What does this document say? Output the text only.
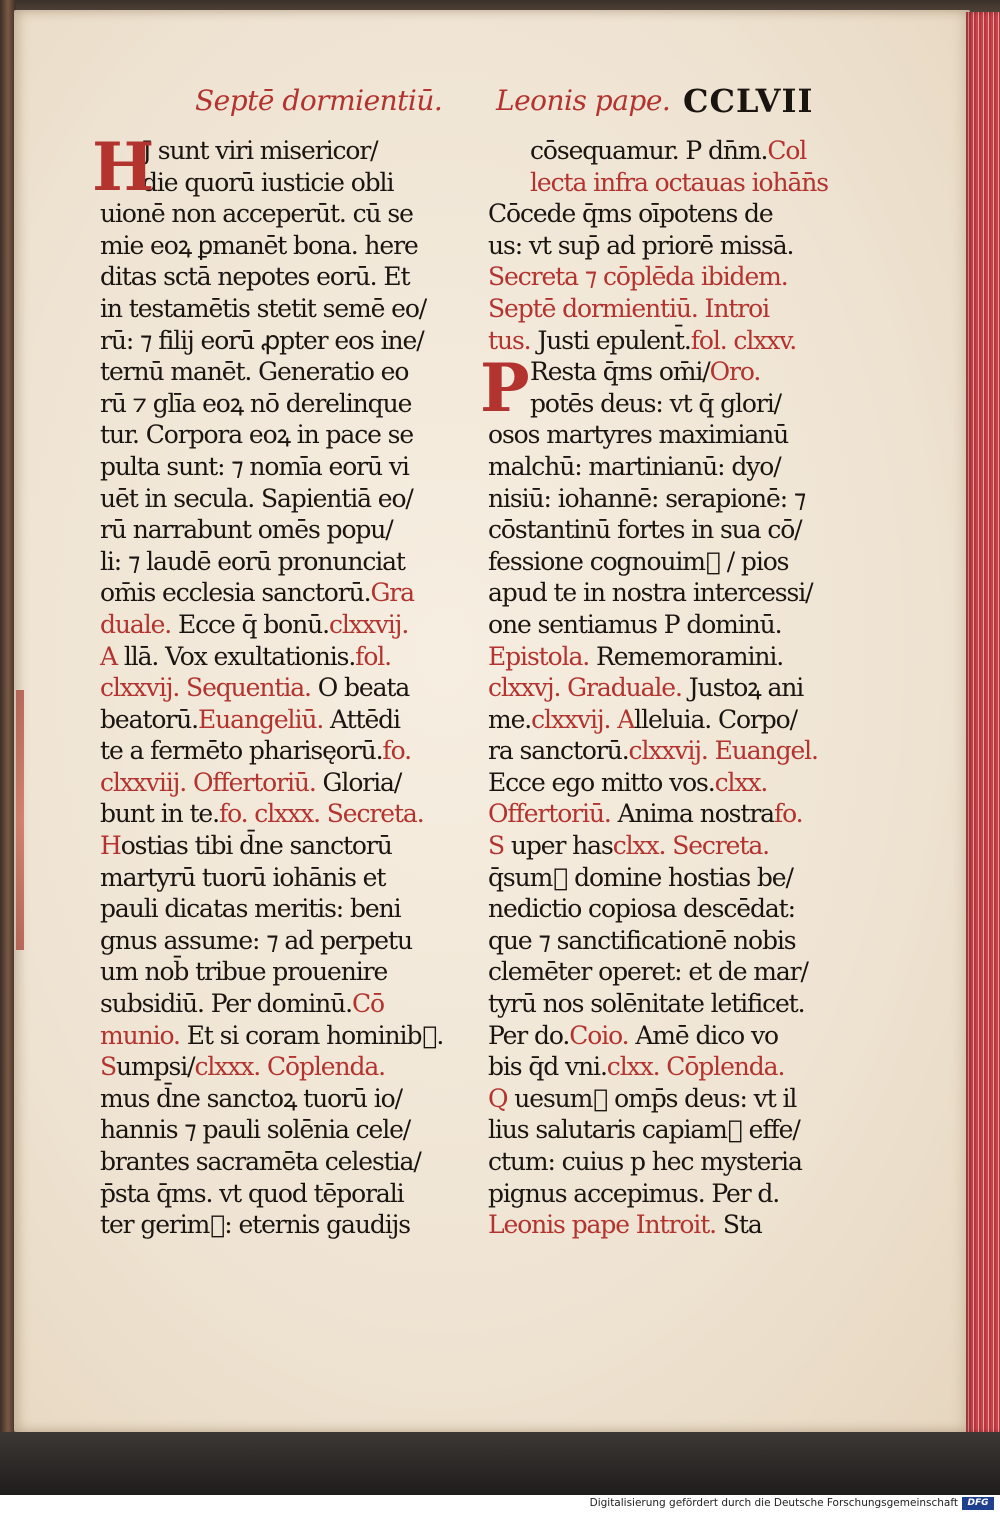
Septē dormientiū. Leonis pape. CCLVII
J sunt viri misericor/
die quorū iusticie obli
uionē non acceperūt. cū se
mie eoꝝ ꝑmanēt bona. here
ditas sctā nepotes eorū. Et
in testamētis stetit semē eo/
rū: ⁊ filij eorū ꝓpter eos ine/
ternū manēt. Generatio eo
rū ⁊ glīa eoꝝ nō derelinque
tur. Corpora eoꝝ in pace se
pulta sunt: ⁊ nomīa eorū vi
uēt in secula. Sapientiā eo/
rū narrabunt omēs popu/
li: ⁊ laudē eorū pronunciat
om̄is ecclesia sanctorū.Gra
duale. Ecce q̄ bonū.clxxvij.
A llā. Vox exultationis.fol.
clxxvij. Sequentia. O beata
beatorū.Euangeliū. Attēdi
te a fermēto pharisęorū.fo.
clxxviij. Offertoriū. Gloria/
bunt in te.fo. clxxx. Secreta.
Hostias tibi d̄ne sanctorū
martyrū tuorū iohānis et
pauli dicatas meritis: beni
gnus assume: ⁊ ad perpetu
um nob̄ tribue prouenire
subsidiū. Per dominū.Cō
munio. Et si coram hominib᷑.
Sumpsi/clxxx. Cōplenda.
mus d̄ne sanctoꝝ tuorū io/
hannis ⁊ pauli solēnia cele/
brantes sacramēta celestia/
p̄sta q̄ms. vt quod tēporali
ter gerim᷑: eternis gaudijs
H	cōsequamur. P dn̄m.Col
lecta infra octauas iohān̄s
Cōcede q̄ms oīpotens de
us: vt sup̄ ad priorē missā.
Secreta ⁊ cōplēda ibidem.
Septē dormientiū. Introi
tus. Justi epulent̄.fol. clxxv.
Resta q̄ms om̄i/Oro.
potēs deus: vt q̄ glori/
osos martyres maximianū
malchū: martinianū: dyo/
nisiū: iohannē: serapionē: ⁊
cōstantinū fortes in sua cō/
fessione cognouim᷑ / pios
apud te in nostra intercessi/
one sentiamus P dominū.
Epistola. Rememoramini.
clxxvj. Graduale. Justoꝝ ani
me.clxxvij. Alleluia. Corpo/
ra sanctorū.clxxvij. Euangel.
Ecce ego mitto vos.clxx.
Offertoriū. Anima nostrafo.
S uper hasclxx. Secreta.
q̄sum᷑ domine hostias be/
nedictio copiosa descēdat:
que ⁊ sanctificationē nobis
clemēter operet: et de mar/
tyrū nos solēnitate letificet.
Per do.Coio. Amē dico vo
bis q̄d vni.clxx. Cōplenda.
Q uesum᷑ omp̄s deus: vt il
lius salutaris capiam᷑ effe/
ctum: cuius p hec mysteria
pignus accepimus. Per d.
Leonis pape Introit. Sta
P
Digitalisierung gefördert durch die Deutsche Forschungsgemeinschaft	DFG
